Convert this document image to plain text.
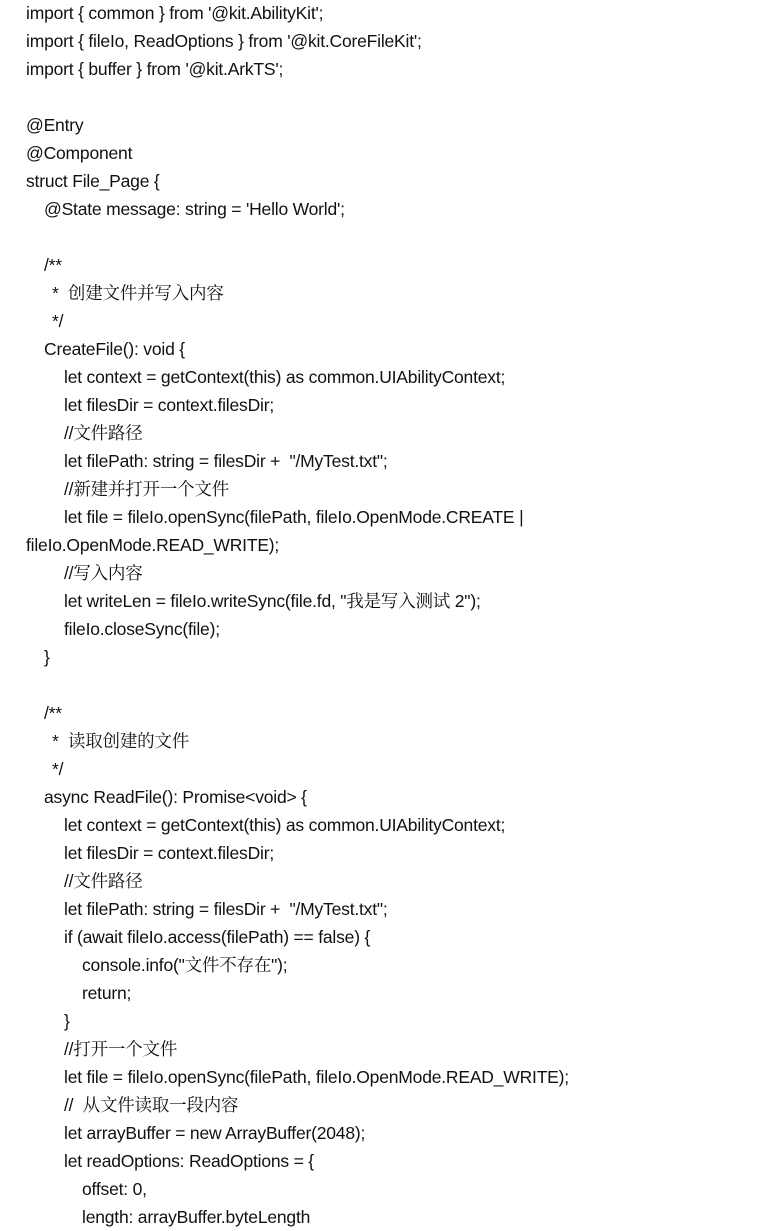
import { common } from '@kit.AbilityKit';
import { fileIo, ReadOptions } from '@kit.CoreFileKit';
import { buffer } from '@kit.ArkTS';
@Entry
@Component
struct File_Page {
@State message: string = 'Hello World';
/**
*  创建文件并写入内容
*/
CreateFile(): void {
let context = getContext(this) as common.UIAbilityContext;
let filesDir = context.filesDir;
//文件路径
let filePath: string = filesDir +  "/MyTest.txt";
//新建并打开一个文件
let file = fileIo.openSync(filePath, fileIo.OpenMode.CREATE |
fileIo.OpenMode.READ_WRITE);
//写入内容
let writeLen = fileIo.writeSync(file.fd, "我是写入测试 2");
fileIo.closeSync(file);
}
/**
*  读取创建的文件
*/
async ReadFile(): Promise<void> {
let context = getContext(this) as common.UIAbilityContext;
let filesDir = context.filesDir;
//文件路径
let filePath: string = filesDir +  "/MyTest.txt";
if (await fileIo.access(filePath) == false) {
console.info("文件不存在");
return;
}
//打开一个文件
let file = fileIo.openSync(filePath, fileIo.OpenMode.READ_WRITE);
//  从文件读取一段内容
let arrayBuffer = new ArrayBuffer(2048);
let readOptions: ReadOptions = {
offset: 0,
length: arrayBuffer.byteLength
